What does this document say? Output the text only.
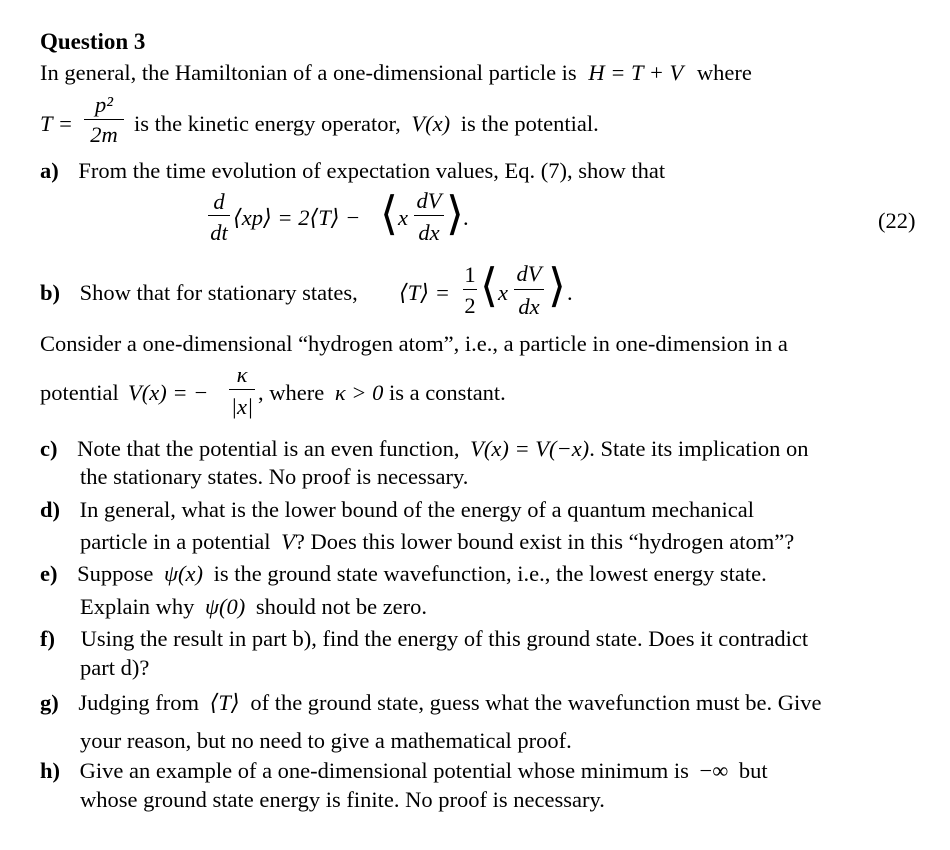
Question 3
In general, the Hamiltonian of a one-dimensional particle is H = T + V where
T =
p²
2m is the kinetic energy operator, V(x) is the potential.
a) From the time evolution of expectation values, Eq. (7), show that
d
dt
⟨xp⟩ = 2⟨T⟩ − ⟨ x
dV
dx ⟩ .	(22)
b) Show that for stationary states, ⟨T⟩ =
1
2 ⟨ x
dV
dx ⟩ .
Consider a one-dimensional “hydrogen atom”, i.e., a particle in one-dimension in a
potential V(x) = −
κ
|x|
, where κ > 0 is a constant.
c) Note that the potential is an even function, V(x) = V(−x). State its implication on
the stationary states. No proof is necessary.
d) In general, what is the lower bound of the energy of a quantum mechanical
particle in a potential V? Does this lower bound exist in this “hydrogen atom”?
e) Suppose ψ(x) is the ground state wavefunction, i.e., the lowest energy state.
Explain why ψ(0) should not be zero.
f) Using the result in part b), find the energy of this ground state. Does it contradict
part d)?
g) Judging from ⟨T⟩ of the ground state, guess what the wavefunction must be. Give
your reason, but no need to give a mathematical proof.
h) Give an example of a one-dimensional potential whose minimum is −∞ but
whose ground state energy is finite. No proof is necessary.
